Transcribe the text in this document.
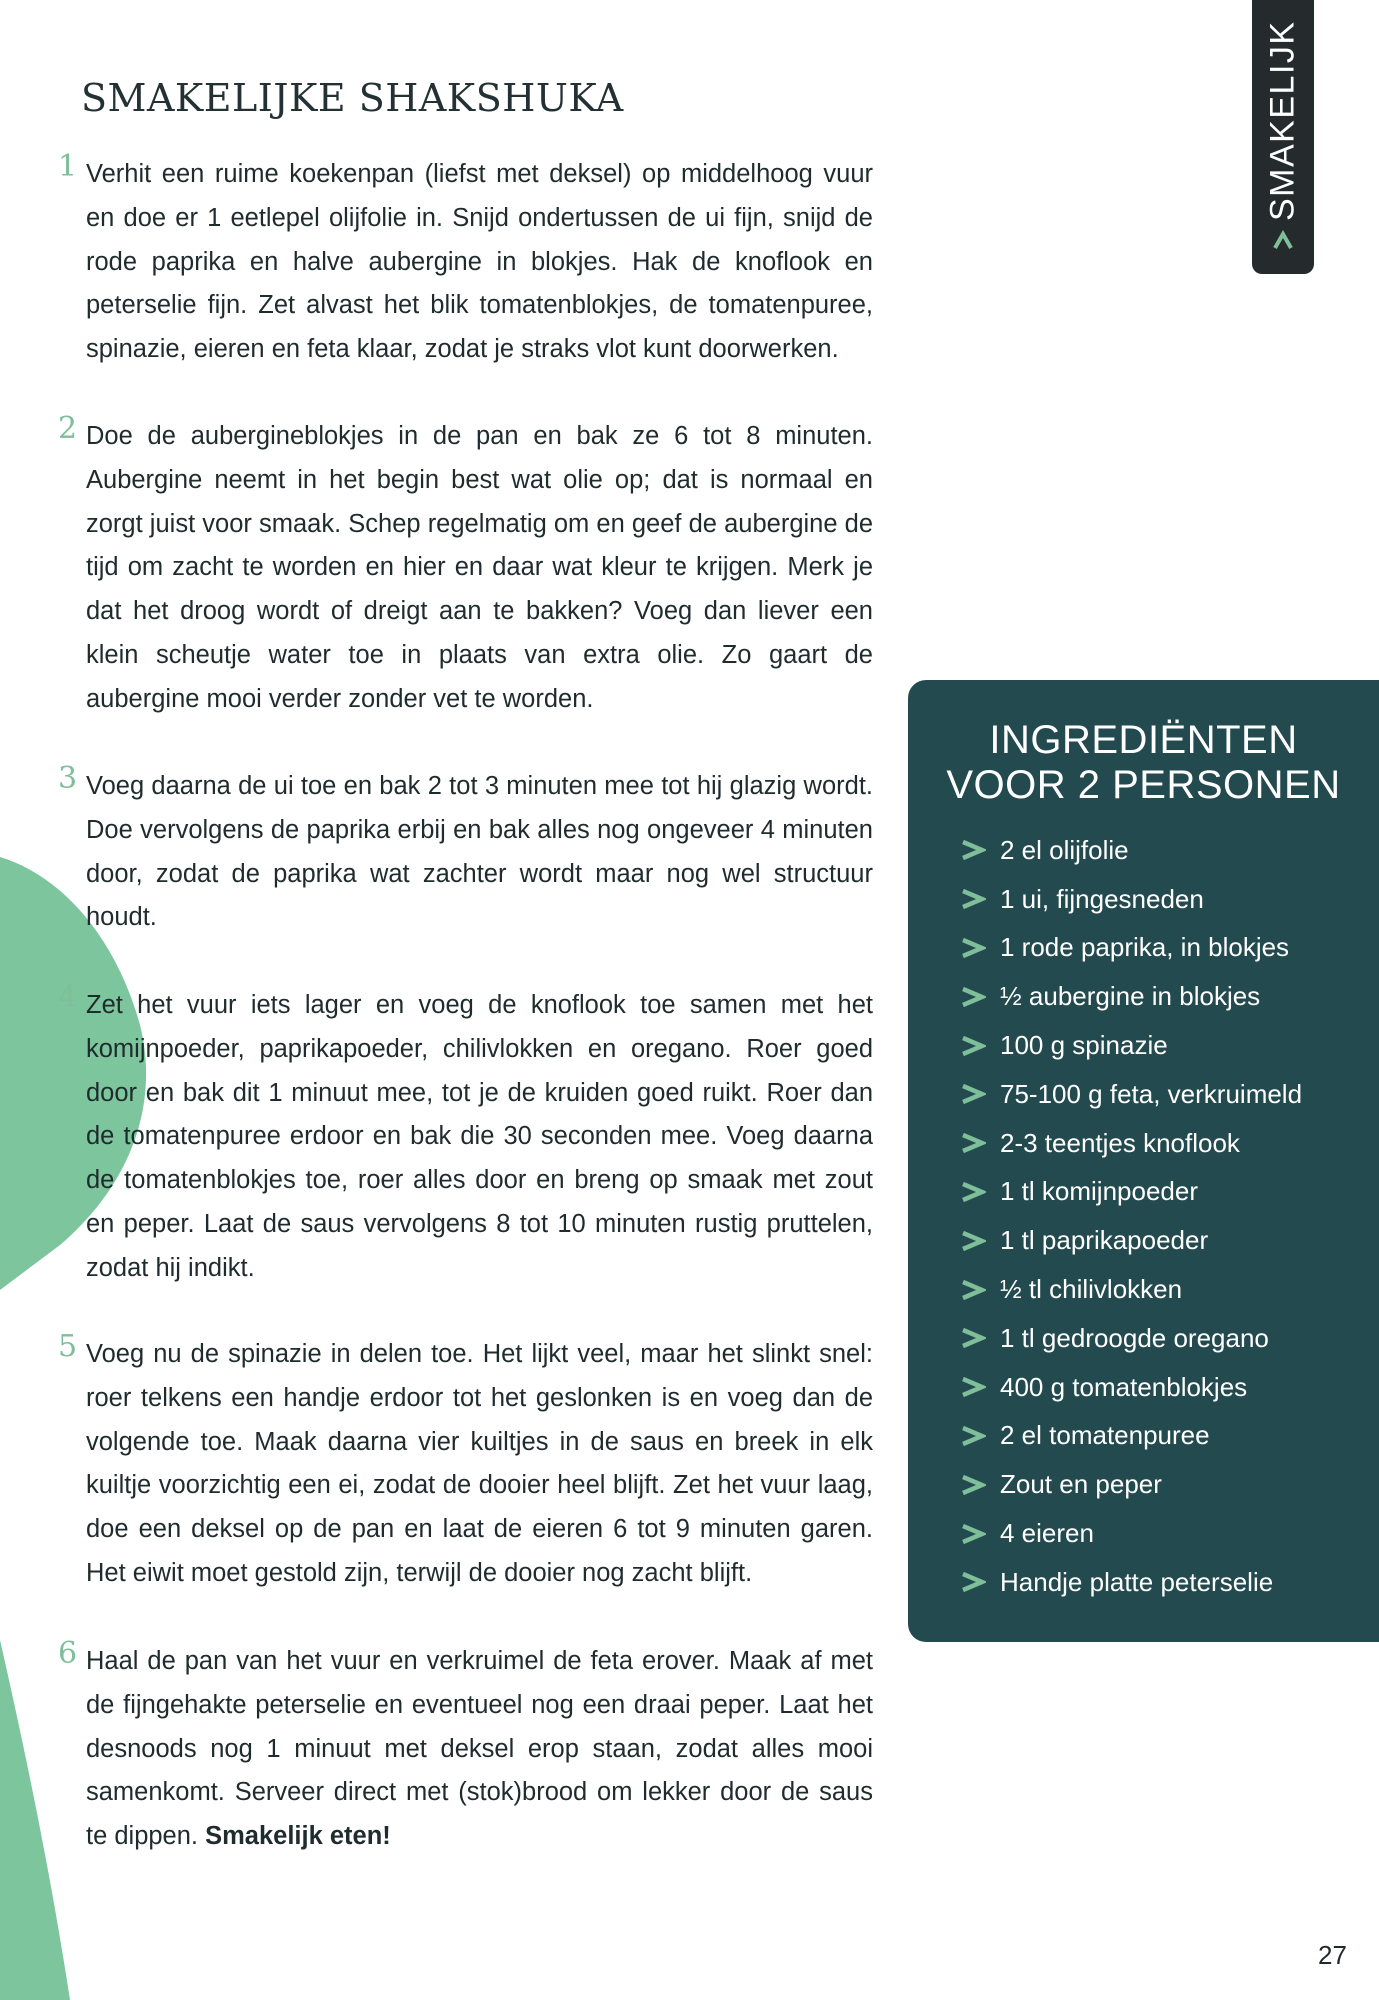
SMAKELIJKE SHAKSHUKA
1 Verhit een ruime koekenpan (liefst met deksel) op middelhoog vuur en doe er 1 eetlepel olijfolie in. Snijd ondertussen de ui fijn, snijd de rode paprika en halve aubergine in blokjes. Hak de knoflook en peterselie fijn. Zet alvast het blik tomatenblokjes, de tomatenpuree, spinazie, eieren en feta klaar, zodat je straks vlot kunt doorwerken.

2 Doe de aubergineblokjes in de pan en bak ze 6 tot 8 minuten. Aubergine neemt in het begin best wat olie op; dat is normaal en zorgt juist voor smaak. Schep regelmatig om en geef de aubergine de tijd om zacht te worden en hier en daar wat kleur te krijgen. Merk je dat het droog wordt of dreigt aan te bakken? Voeg dan liever een klein scheutje water toe in plaats van extra olie. Zo gaart de aubergine mooi verder zonder vet te worden.

3 Voeg daarna de ui toe en bak 2 tot 3 minuten mee tot hij glazig wordt. Doe vervolgens de paprika erbij en bak alles nog ongeveer 4 minuten door, zodat de paprika wat zachter wordt maar nog wel structuur houdt.

4 Zet het vuur iets lager en voeg de knoflook toe samen met het komijnpoeder, paprikapoeder, chilivlokken en oregano. Roer goed door en bak dit 1 minuut mee, tot je de kruiden goed ruikt. Roer dan de tomatenpuree erdoor en bak die 30 seconden mee. Voeg daarna de tomatenblokjes toe, roer alles door en breng op smaak met zout en peper. Laat de saus vervolgens 8 tot 10 minuten rustig pruttelen, zodat hij indikt.

5 Voeg nu de spinazie in delen toe. Het lijkt veel, maar het slinkt snel: roer telkens een handje erdoor tot het geslonken is en voeg dan de volgende toe. Maak daarna vier kuiltjes in de saus en breek in elk kuiltje voorzichtig een ei, zodat de dooier heel blijft. Zet het vuur laag, doe een deksel op de pan en laat de eieren 6 tot 9 minuten garen. Het eiwit moet gestold zijn, terwijl de dooier nog zacht blijft.

6 Haal de pan van het vuur en verkruimel de feta erover. Maak af met de fijngehakte peterselie en eventueel nog een draai peper. Laat het desnoods nog 1 minuut met deksel erop staan, zodat alles mooi samenkomt. Serveer direct met (stok)brood om lekker door de saus te dippen. Smakelijk eten!

SMAKELIJK
INGREDIËNTEN
VOOR 2 PERSONEN
2 el olijfolie
1 ui, fijngesneden
1 rode paprika, in blokjes
½ aubergine in blokjes
100 g spinazie
75-100 g feta, verkruimeld
2-3 teentjes knoflook
1 tl komijnpoeder
1 tl paprikapoeder
½ tl chilivlokken
1 tl gedroogde oregano
400 g tomatenblokjes
2 el tomatenpuree
Zout en peper
4 eieren
Handje platte peterselie
27
